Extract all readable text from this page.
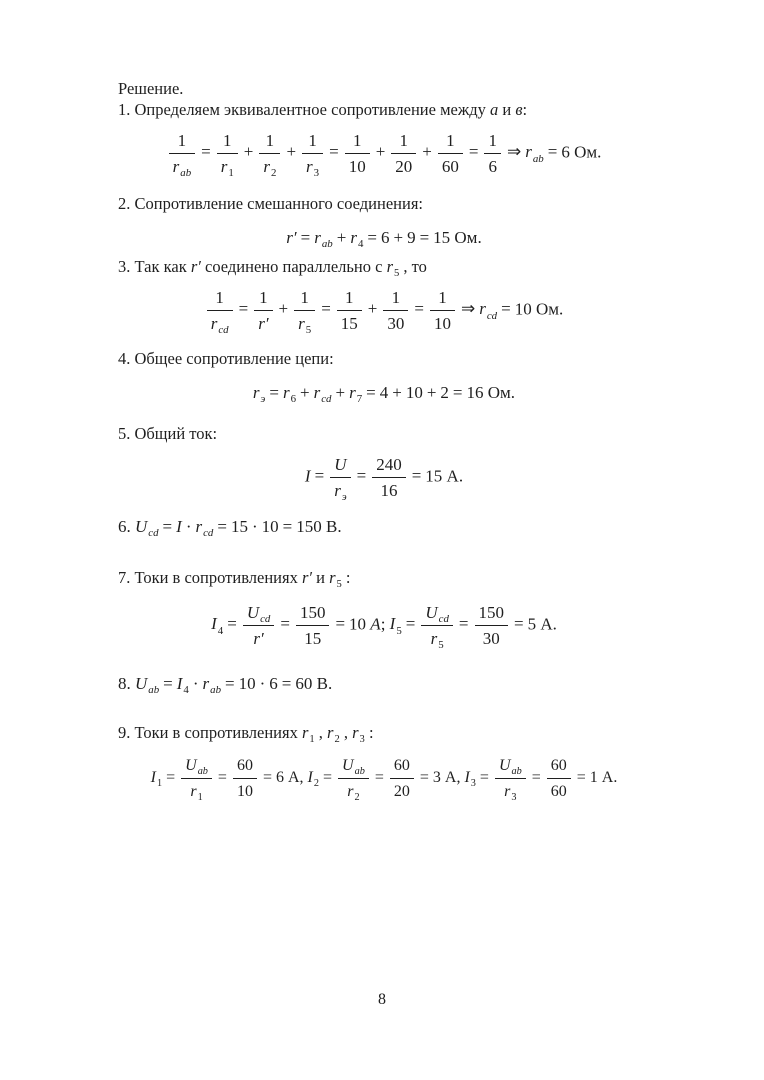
Решение.
1. Определяем эквивалентное сопротивление между а и в:
$\frac{1}{r_{ab}} = \frac{1}{r_1} + \frac{1}{r_2} + \frac{1}{r_3} = \frac{1}{10} + \frac{1}{20} + \frac{1}{60} = \frac{1}{6}$ ⇒ $r_{ab} = 6$ Ом.
2. Сопротивление смешанного соединения:
$r' = r_{ab} + r_4 = 6 + 9 = 15$ Ом.
3. Так как r′ соединено параллельно с $r_5$ , то
$\frac{1}{r_{cd}} = \frac{1}{r'} + \frac{1}{r_5} = \frac{1}{15} + \frac{1}{30} = \frac{1}{10}$ ⇒ $r_{cd} = 10$ Ом.
4. Общее сопротивление цепи:
$r_э = r_6 + r_{cd} + r_7 = 4 + 10 + 2 = 16$ Ом.
5. Общий ток:
$I = \frac{U}{r_э} = \frac{240}{16} = 15$ А.
6. $U_{cd} = I \cdot r_{cd} = 15 \cdot 10 = 150$ В.
7. Токи в сопротивлениях r′ и $r_5$ :
$I_4 = \frac{U_{cd}}{r'} = \frac{150}{15} = 10$ A; $I_5 = \frac{U_{cd}}{r_5} = \frac{150}{30} = 5$ А.
8. $U_{ab} = I_4 \cdot r_{ab} = 10 \cdot 6 = 60$ В.
9. Токи в сопротивлениях $r_1$ , $r_2$ , $r_3$ :
$I_1 = \frac{U_{ab}}{r_1} = \frac{60}{10} = 6$ А, $I_2 = \frac{U_{ab}}{r_2} = \frac{60}{20} = 3$ А, $I_3 = \frac{U_{ab}}{r_3} = \frac{60}{60} = 1$ А.
8
